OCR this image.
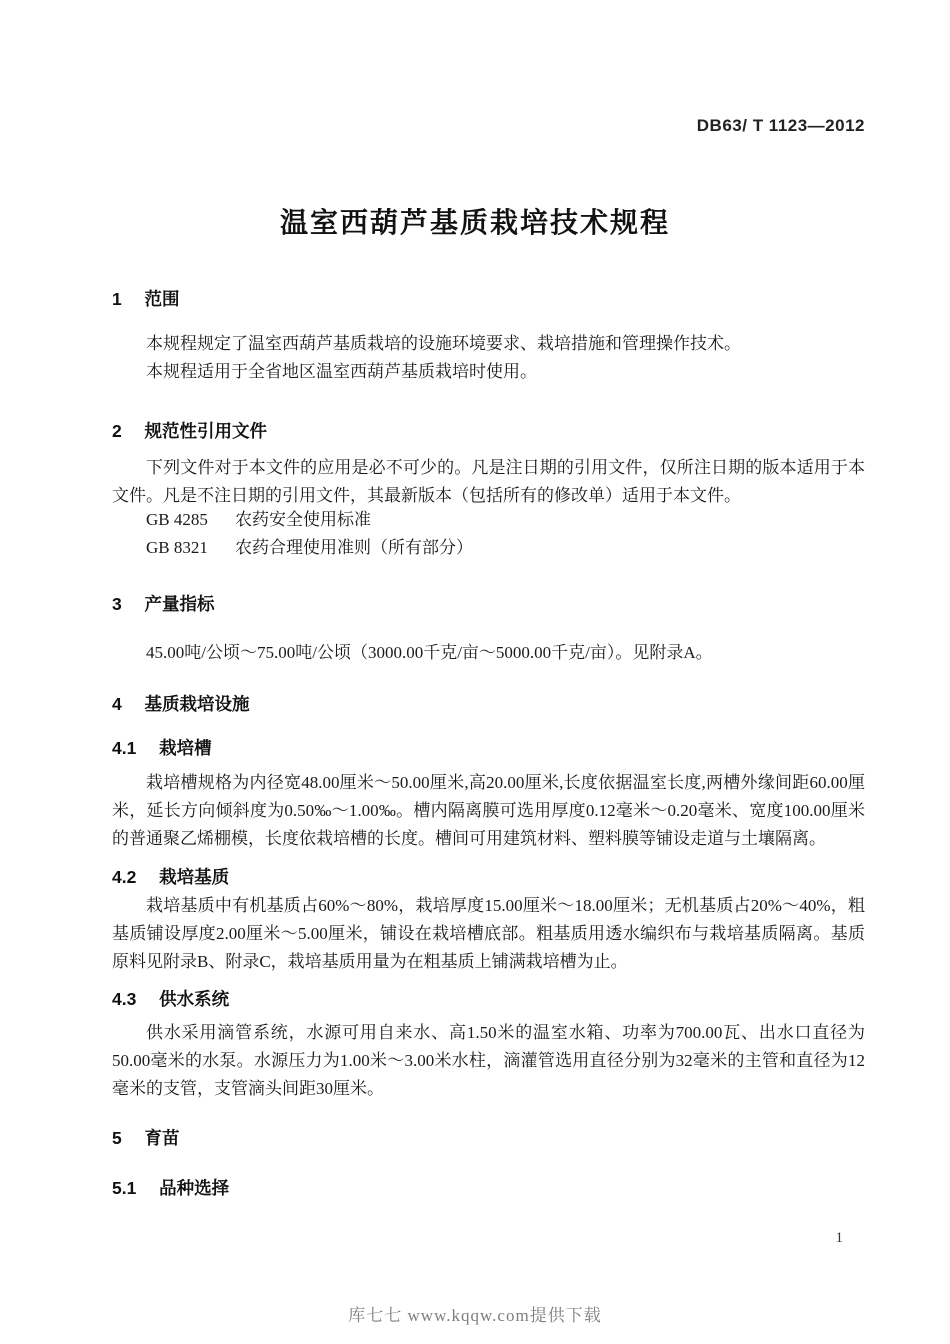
DB63/ T 1123—2012
温室西葫芦基质栽培技术规程
1 范围
本规程规定了温室西葫芦基质栽培的设施环境要求、栽培措施和管理操作技术。
本规程适用于全省地区温室西葫芦基质栽培时使用。
2 规范性引用文件
下列文件对于本文件的应用是必不可少的。凡是注日期的引用文件，仅所注日期的版本适用于本文件。凡是不注日期的引用文件，其最新版本（包括所有的修改单）适用于本文件。
GB 4285 农药安全使用标准
GB 8321 农药合理使用准则（所有部分）
3 产量指标
45.00吨/公顷～75.00吨/公顷（3000.00千克/亩～5000.00千克/亩）。见附录A。
4 基质栽培设施
4.1 栽培槽
栽培槽规格为内径宽48.00厘米～50.00厘米,高20.00厘米,长度依据温室长度,两槽外缘间距60.00厘米，延长方向倾斜度为0.50‰～1.00‰。槽内隔离膜可选用厚度0.12毫米～0.20毫米、宽度100.00厘米的普通聚乙烯棚模，长度依栽培槽的长度。槽间可用建筑材料、塑料膜等铺设走道与土壤隔离。
4.2 栽培基质
栽培基质中有机基质占60%～80%，栽培厚度15.00厘米～18.00厘米；无机基质占20%～40%，粗基质铺设厚度2.00厘米～5.00厘米，铺设在栽培槽底部。粗基质用透水编织布与栽培基质隔离。基质原料见附录B、附录C，栽培基质用量为在粗基质上铺满栽培槽为止。
4.3 供水系统
供水采用滴管系统，水源可用自来水、高1.50米的温室水箱、功率为700.00瓦、出水口直径为50.00毫米的水泵。水源压力为1.00米～3.00米水柱，滴灌管选用直径分别为32毫米的主管和直径为12毫米的支管，支管滴头间距30厘米。
5 育苗
5.1 品种选择
1
库七七 www.kqqw.com提供下载
